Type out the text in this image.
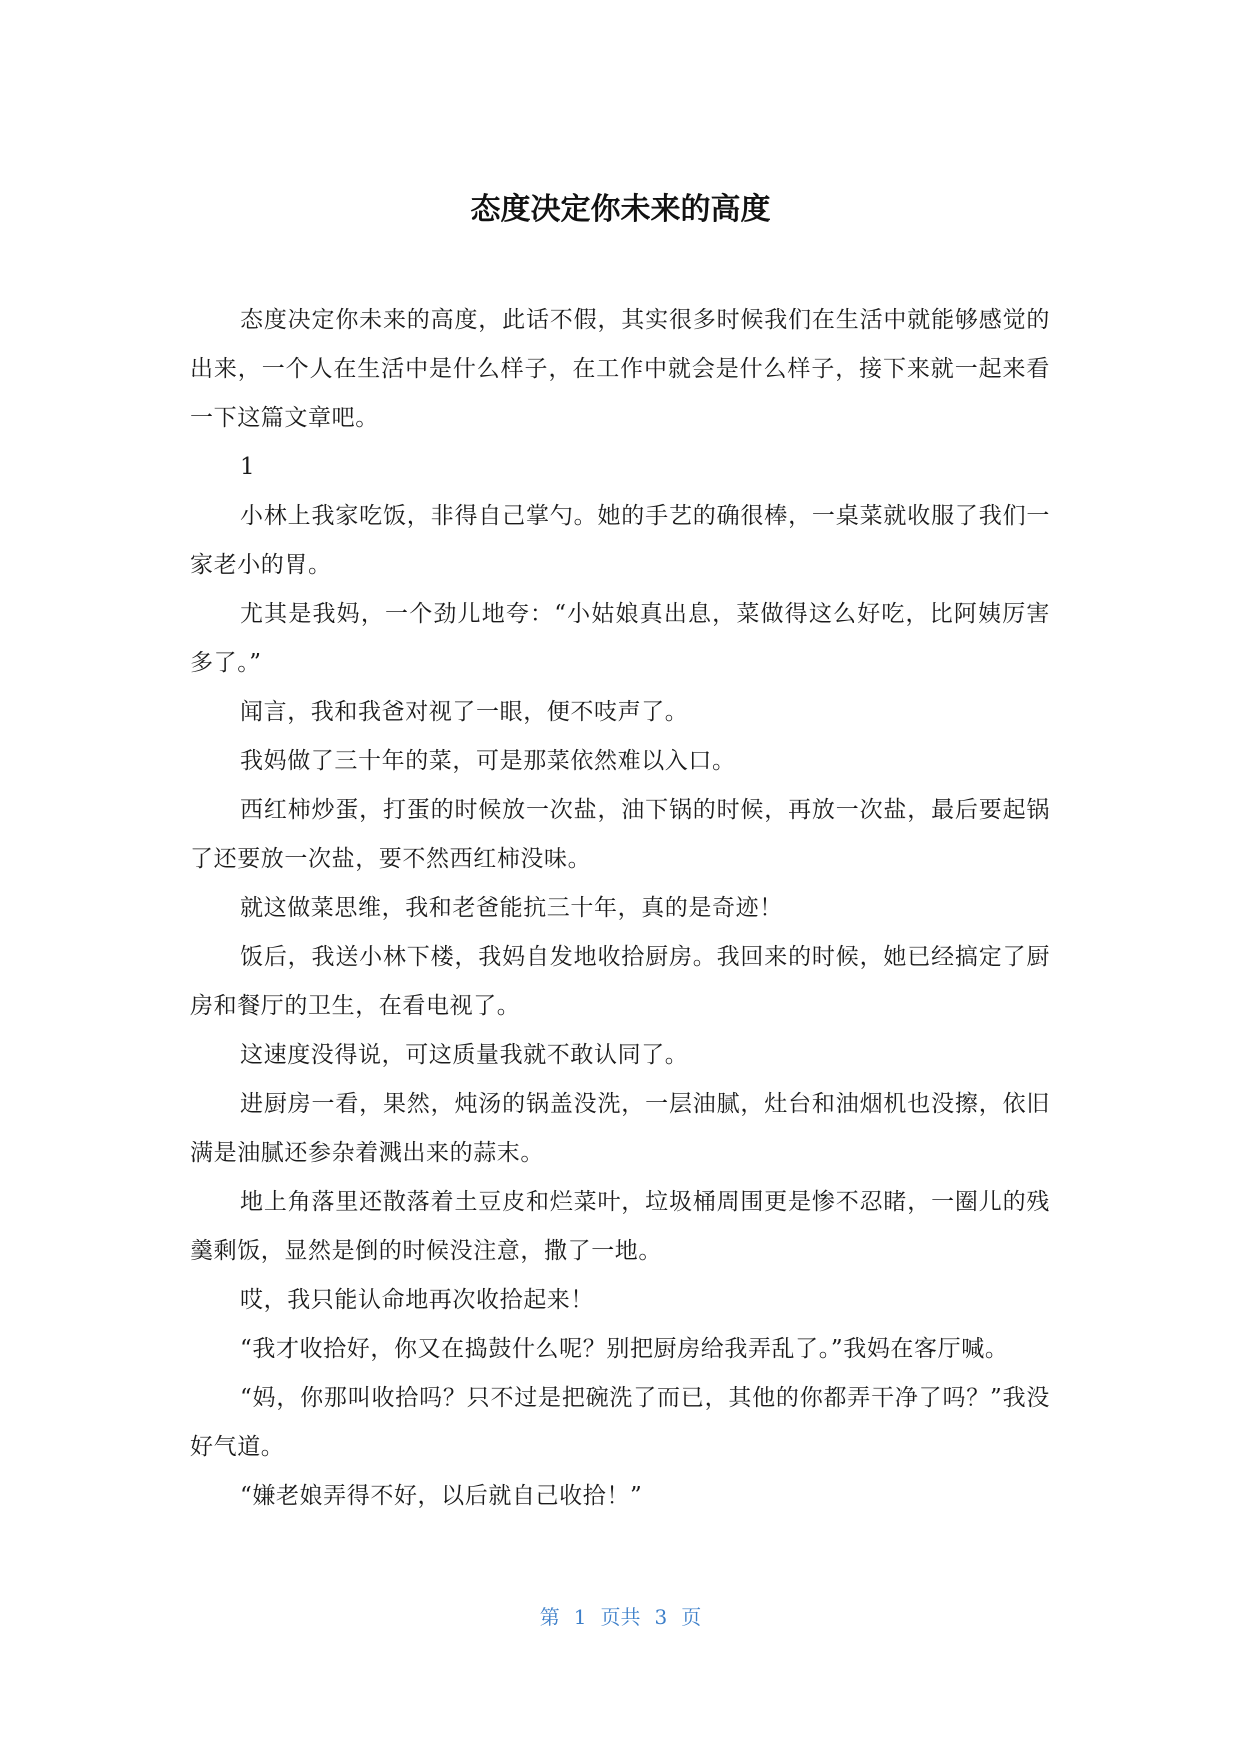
态度决定你未来的高度

态度决定你未来的高度，此话不假，其实很多时候我们在生活中就能够感觉的出来，一个人在生活中是什么样子，在工作中就会是什么样子，接下来就一起来看一下这篇文章吧。

1

小林上我家吃饭，非得自己掌勺。她的手艺的确很棒，一桌菜就收服了我们一家老小的胃。

尤其是我妈，一个劲儿地夸：“小姑娘真出息，菜做得这么好吃，比阿姨厉害多了。”

闻言，我和我爸对视了一眼，便不吱声了。

我妈做了三十年的菜，可是那菜依然难以入口。

西红柿炒蛋，打蛋的时候放一次盐，油下锅的时候，再放一次盐，最后要起锅了还要放一次盐，要不然西红柿没味。

就这做菜思维，我和老爸能抗三十年，真的是奇迹！

饭后，我送小林下楼，我妈自发地收拾厨房。我回来的时候，她已经搞定了厨房和餐厅的卫生，在看电视了。

这速度没得说，可这质量我就不敢认同了。

进厨房一看，果然，炖汤的锅盖没洗，一层油腻，灶台和油烟机也没擦，依旧满是油腻还参杂着溅出来的蒜末。

地上角落里还散落着土豆皮和烂菜叶，垃圾桶周围更是惨不忍睹，一圈儿的残羹剩饭，显然是倒的时候没注意，撒了一地。

哎，我只能认命地再次收拾起来！

“我才收拾好，你又在捣鼓什么呢？别把厨房给我弄乱了。”我妈在客厅喊。

“妈，你那叫收拾吗？只不过是把碗洗了而已，其他的你都弄干净了吗？”我没好气道。

“嫌老娘弄得不好，以后就自己收拾！”

第 1 页共 3 页
